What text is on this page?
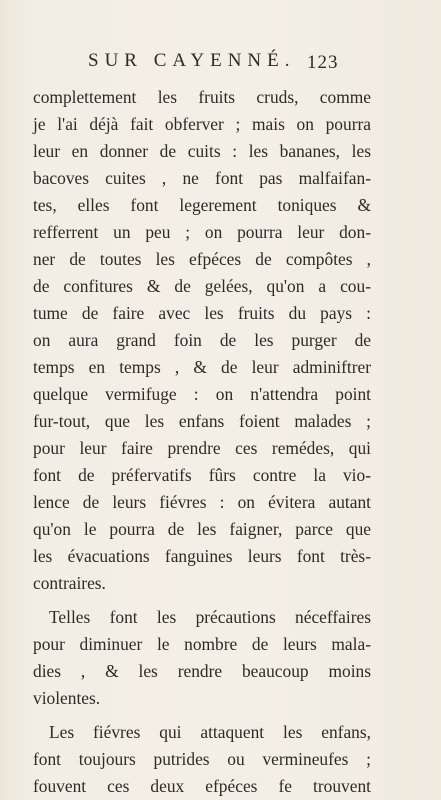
SUR CAYENNÉ. 123
complettement les fruits cruds, comme
je l'ai déjà fait obferver ; mais on pourra
leur en donner de cuits : les bananes, les
bacoves cuites , ne font pas malfaifan-
tes, elles font legerement toniques &
refferrent un peu ; on pourra leur don-
ner de toutes les efpéces de compôtes ,
de confitures & de gelées, qu'on a cou-
tume de faire avec les fruits du pays :
on aura grand foin de les purger de
temps en temps , & de leur adminiftrer
quelque vermifuge : on n'attendra point
fur-tout, que les enfans foient malades ;
pour leur faire prendre ces remédes, qui
font de préfervatifs fûrs contre la vio-
lence de leurs fiévres : on évitera autant
qu'on le pourra de les faigner, parce que
les évacuations fanguines leurs font très-
contraires.
Telles font les précautions néceffaires
pour diminuer le nombre de leurs mala-
dies , & les rendre beaucoup moins
violentes.
Les fiévres qui attaquent les enfans,
font toujours putrides ou vermineufes ;
fouvent ces deux efpéces fe trouvent
